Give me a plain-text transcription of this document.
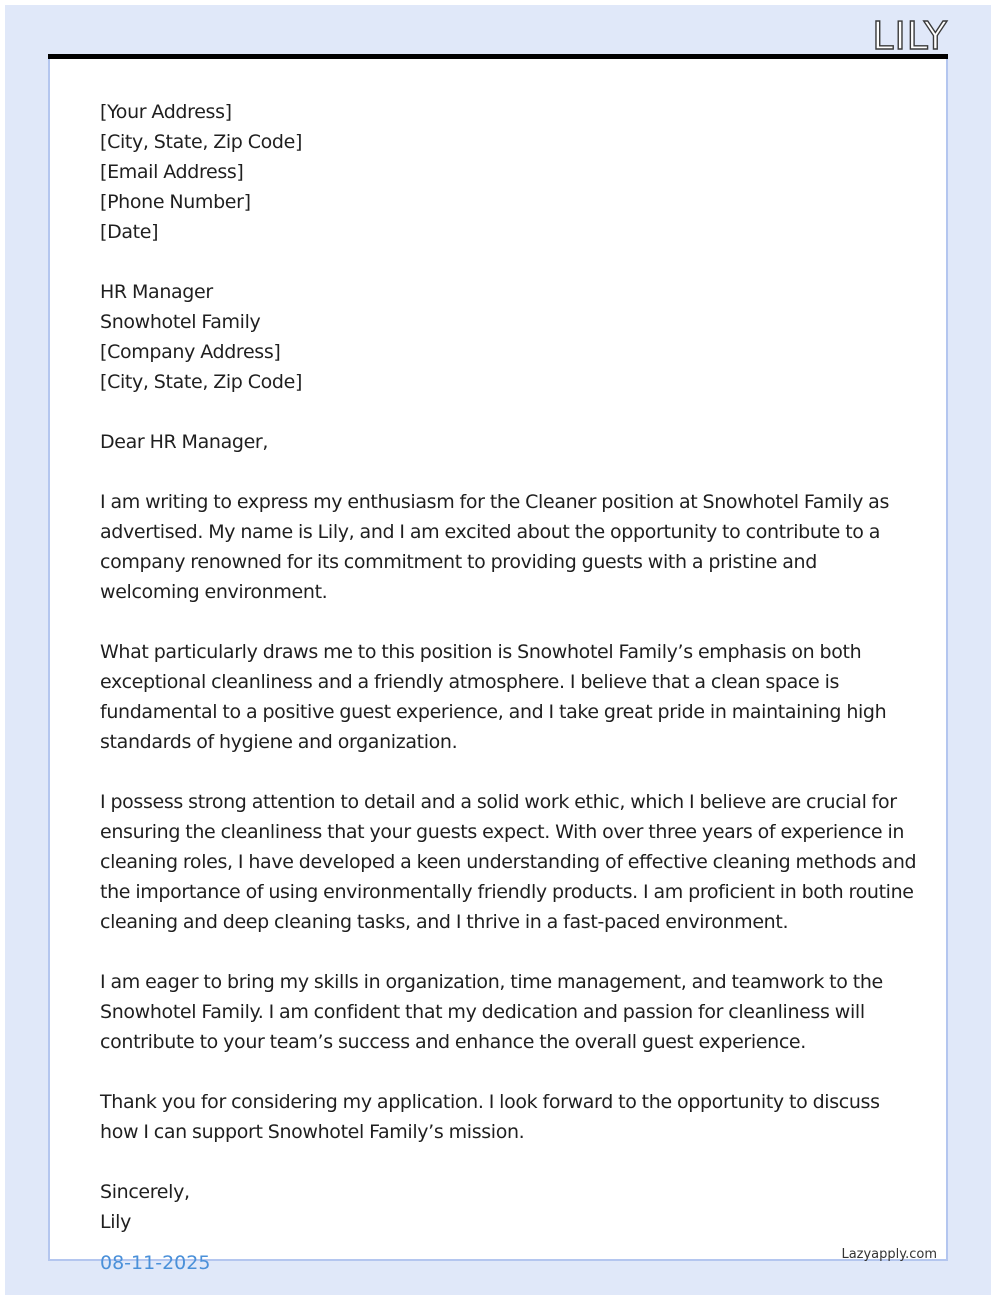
LILY
[Your Address]
[City, State, Zip Code]
[Email Address]
[Phone Number]
[Date]
HR Manager
Snowhotel Family
[Company Address]
[City, State, Zip Code]
Dear HR Manager,
I am writing to express my enthusiasm for the Cleaner position at Snowhotel Family as
advertised. My name is Lily, and I am excited about the opportunity to contribute to a
company renowned for its commitment to providing guests with a pristine and
welcoming environment.
What particularly draws me to this position is Snowhotel Family’s emphasis on both
exceptional cleanliness and a friendly atmosphere. I believe that a clean space is
fundamental to a positive guest experience, and I take great pride in maintaining high
standards of hygiene and organization.
I possess strong attention to detail and a solid work ethic, which I believe are crucial for
ensuring the cleanliness that your guests expect. With over three years of experience in
cleaning roles, I have developed a keen understanding of effective cleaning methods and
the importance of using environmentally friendly products. I am proficient in both routine
cleaning and deep cleaning tasks, and I thrive in a fast-paced environment.
I am eager to bring my skills in organization, time management, and teamwork to the
Snowhotel Family. I am confident that my dedication and passion for cleanliness will
contribute to your team’s success and enhance the overall guest experience.
Thank you for considering my application. I look forward to the opportunity to discuss
how I can support Snowhotel Family’s mission.
Sincerely,
Lily
08-11-2025	Lazyapply.com
